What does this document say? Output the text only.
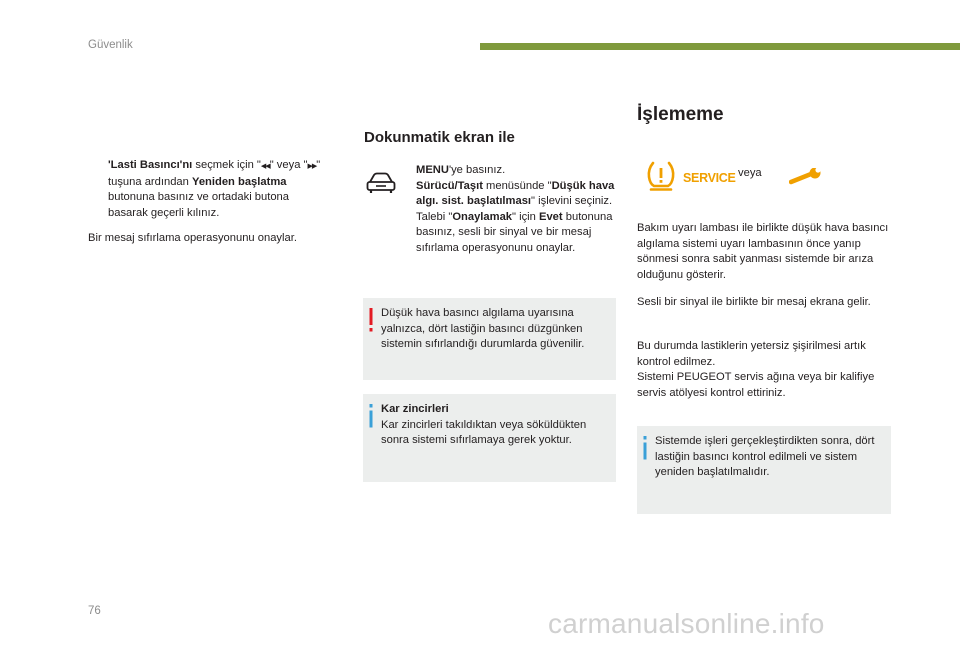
Güvenlik
'Lasti Basıncı'nı seçmek için "◀◀" veya "▶▶" tuşuna ardından Yeniden başlatma butonuna basınız ve ortadaki butona basarak geçerli kılınız.

Bir mesaj sıfırlama operasyonunu onaylar.

Dokunmatik ekran ile

MENU'ye basınız.

Sürücü/Taşıt menüsünde "Düşük hava algı. sist. başlatılması" işlevini seçiniz.

Talebi "Onaylamak" için Evet butonuna basınız, sesli bir sinyal ve bir mesaj sıfırlama operasyonunu onaylar.

Düşük hava basıncı algılama uyarısına yalnızca, dört lastiğin basıncı düzgünken sistemin sıfırlandığı durumlarda güvenilir.

Kar zincirleri

Kar zincirleri takıldıktan veya söküldükten sonra sistemi sıfırlamaya gerek yoktur.

İşlememe
SERVICE veya

Bakım uyarı lambası ile birlikte düşük hava basıncı algılama sistemi uyarı lambasının önce yanıp sönmesi sonra sabit yanması sistemde bir arıza olduğunu gösterir.

Sesli bir sinyal ile birlikte bir mesaj ekrana gelir.

Bu durumda lastiklerin yetersiz şişirilmesi artık kontrol edilmez.

Sistemi PEUGEOT servis ağına veya bir kalifiye servis atölyesi kontrol ettiriniz.

Sistemde işleri gerçekleştirdikten sonra, dört lastiğin basıncı kontrol edilmeli ve sistem yeniden başlatılmalıdır.

76	carmanualsonline.info
